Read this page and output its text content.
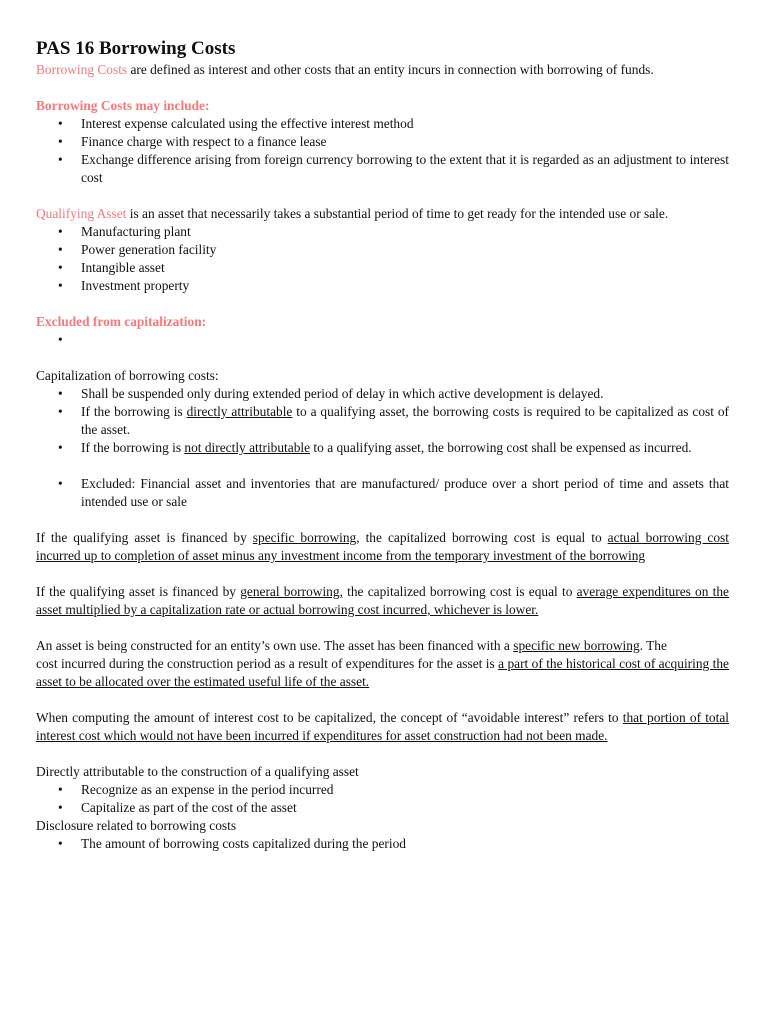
PAS 16 Borrowing Costs

Borrowing Costs are defined as interest and other costs that an entity incurs in connection with borrowing of funds.

Borrowing Costs may include:

• Interest expense calculated using the effective interest method
• Finance charge with respect to a finance lease
• Exchange difference arising from foreign currency borrowing to the extent that it is regarded as an adjustment to interest cost

Qualifying Asset is an asset that necessarily takes a substantial period of time to get ready for the intended use or sale.

• Manufacturing plant
• Power generation facility
• Intangible asset
• Investment property

Excluded from capitalization:

•

Capitalization of borrowing costs:

• Shall be suspended only during extended period of delay in which active development is delayed.
• If the borrowing is directly attributable to a qualifying asset, the borrowing costs is required to be capitalized as cost of the asset.
• If the borrowing is not directly attributable to a qualifying asset, the borrowing cost shall be expensed as incurred.

• Excluded: Financial asset and inventories that are manufactured/ produce over a short period of time and assets that intended use or sale

If the qualifying asset is financed by specific borrowing, the capitalized borrowing cost is equal to actual borrowing cost incurred up to completion of asset minus any investment income from the temporary investment of the borrowing

If the qualifying asset is financed by general borrowing, the capitalized borrowing cost is equal to average expenditures on the asset multiplied by a capitalization rate or actual borrowing cost incurred, whichever is lower.

An asset is being constructed for an entity’s own use. The asset has been financed with a specific new borrowing. The
cost incurred during the construction period as a result of expenditures for the asset is a part of the historical cost of acquiring the asset to be allocated over the estimated useful life of the asset.

When computing the amount of interest cost to be capitalized, the concept of “avoidable interest” refers to that portion of total interest cost which would not have been incurred if expenditures for asset construction had not been made.

Directly attributable to the construction of a qualifying asset

• Recognize as an expense in the period incurred
• Capitalize as part of the cost of the asset

Disclosure related to borrowing costs

• The amount of borrowing costs capitalized during the period
